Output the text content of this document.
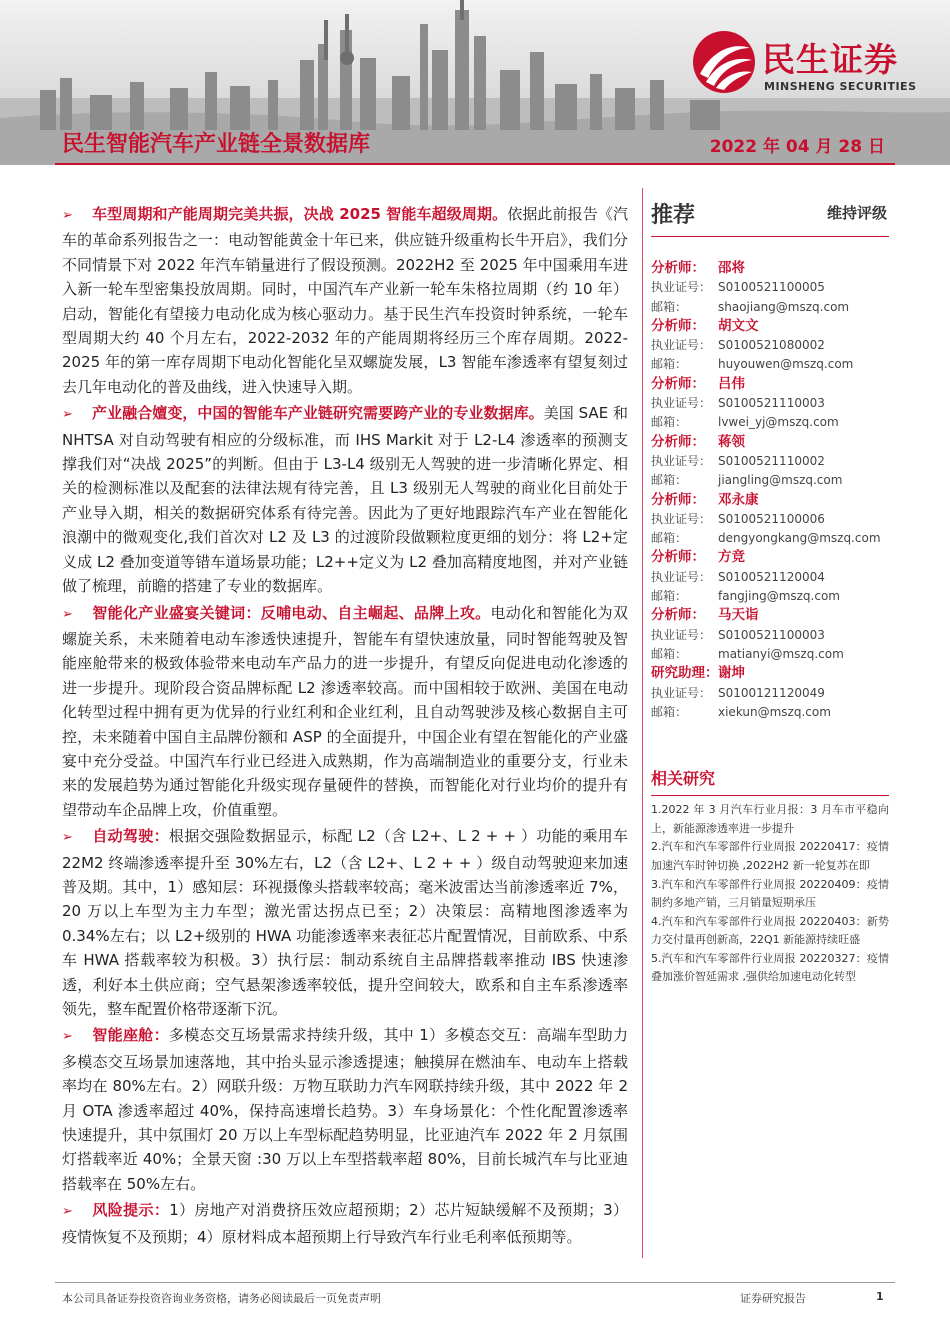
民生证券
MINSHENG SECURITIES
民生智能汽车产业链全景数据库	2022 年 04 月 28 日

➢ 车型周期和产能周期完美共振，决战 2025 智能车超级周期。依据此前报告《汽车的革命系列报告之一：电动智能黄金十年已来，供应链升级重构长牛开启》，我们分不同情景下对 2022 年汽车销量进行了假设预测。2022H2 至 2025 年中国乘用车进入新一轮车型密集投放周期。同时，中国汽车产业新一轮车朱格拉周期（约 10 年）启动，智能化有望接力电动化成为核心驱动力。基于民生汽车投资时钟系统，一轮车型周期大约 40 个月左右，2022-2032 年的产能周期将经历三个库存周期。2022-2025 年的第一库存周期下电动化智能化呈双螺旋发展，L3 智能车渗透率有望复刻过去几年电动化的普及曲线，进入快速导入期。

➢ 产业融合嬗变，中国的智能车产业链研究需要跨产业的专业数据库。美国 SAE 和 NHTSA 对自动驾驶有相应的分级标准，而 IHS Markit 对于 L2-L4 渗透率的预测支撑我们对“决战 2025”的判断。但由于 L3-L4 级别无人驾驶的进一步清晰化界定、相关的检测标准以及配套的法律法规有待完善，且 L3 级别无人驾驶的商业化目前处于产业导入期，相关的数据研究体系有待完善。因此为了更好地跟踪汽车产业在智能化浪潮中的微观变化,我们首次对 L2 及 L3 的过渡阶段做颗粒度更细的划分：将 L2+定义成 L2 叠加变道等错车道场景功能；L2++定义为 L2 叠加高精度地图，并对产业链做了梳理，前瞻的搭建了专业的数据库。

➢ 智能化产业盛宴关键词：反哺电动、自主崛起、品牌上攻。电动化和智能化为双螺旋关系，未来随着电动车渗透快速提升，智能车有望快速放量，同时智能驾驶及智能座舱带来的极致体验带来电动车产品力的进一步提升，有望反向促进电动化渗透的进一步提升。现阶段合资品牌标配 L2 渗透率较高。而中国相较于欧洲、美国在电动化转型过程中拥有更为优异的行业红利和企业红利，且自动驾驶涉及核心数据自主可控，未来随着中国自主品牌份额和 ASP 的全面提升，中国企业有望在智能化的产业盛宴中充分受益。中国汽车行业已经进入成熟期，作为高端制造业的重要分支，行业未来的发展趋势为通过智能化升级实现存量硬件的替换，而智能化对行业均价的提升有望带动车企品牌上攻，价值重塑。

➢ 自动驾驶：根据交强险数据显示，标配 L2（含 L2+、L 2 + + ）功能的乘用车 22M2 终端渗透率提升至 30%左右，L2（含 L2+、L 2 + + ）级自动驾驶迎来加速普及期。其中，1）感知层：环视摄像头搭载率较高；毫米波雷达当前渗透率近 7%，20 万以上车型为主力车型；激光雷达拐点已至；2）决策层：高精地图渗透率为 0.34%左右；以 L2+级别的 HWA 功能渗透率来表征芯片配置情况，目前欧系、中系车 HWA 搭载率较为积极。3）执行层：制动系统自主品牌搭载率推动 IBS 快速渗透，利好本土供应商；空气悬架渗透率较低，提升空间较大，欧系和自主车系渗透率领先，整车配置价格带逐渐下沉。

➢ 智能座舱：多模态交互场景需求持续升级，其中 1）多模态交互：高端车型助力多模态交互场景加速落地，其中抬头显示渗透提速；触摸屏在燃油车、电动车上搭载率均在 80%左右。2）网联升级：万物互联助力汽车网联持续升级，其中 2022 年 2 月 OTA 渗透率超过 40%，保持高速增长趋势。3）车身场景化：个性化配置渗透率快速提升，其中氛围灯 20 万以上车型标配趋势明显，比亚迪汽车 2022 年 2 月氛围灯搭载率近 40%；全景天窗 :30 万以上车型搭载率超 80%，目前长城汽车与比亚迪搭载率在 50%左右。

➢ 风险提示：1）房地产对消费挤压效应超预期；2）芯片短缺缓解不及预期；3）疫情恢复不及预期；4）原材料成本超预期上行导致汽车行业毛利率低预期等。

推荐	维持评级
分析师： 邵将
执业证号： S0100521100005
邮箱：	shaojiang@mszq.com
分析师： 胡文文
执业证号： S0100521080002
邮箱：	huyouwen@mszq.com
分析师： 吕伟
执业证号： S0100521110003
邮箱：	lvwei_yj@mszq.com
分析师： 蒋领
执业证号： S0100521110002
邮箱：	jiangling@mszq.com
分析师： 邓永康
执业证号： S0100521100006
邮箱：	dengyongkang@mszq.com
分析师： 方竞
执业证号： S0100521120004
邮箱：	fangjing@mszq.com
分析师： 马天诣
执业证号： S0100521100003
邮箱：	matianyi@mszq.com
研究助理： 谢坤
执业证号： S0100121120049
邮箱：	xiekun@mszq.com
相关研究
1.2022 年 3 月汽车行业月报：3 月车市平稳向上，新能源渗透率进一步提升
2.汽车和汽车零部件行业周报 20220417：疫情加速汽车时钟切换 ,2022H2 新一轮复苏在即
3.汽车和汽车零部件行业周报 20220409：疫情制约多地产销，三月销量短期承压
4.汽车和汽车零部件行业周报 20220403：新势力交付量再创新高，22Q1 新能源持续旺盛
5.汽车和汽车零部件行业周报 20220327：疫情叠加涨价智延需求 ,强供给加速电动化转型
本公司具备证券投资咨询业务资格，请务必阅读最后一页免责声明	证券研究报告	1
